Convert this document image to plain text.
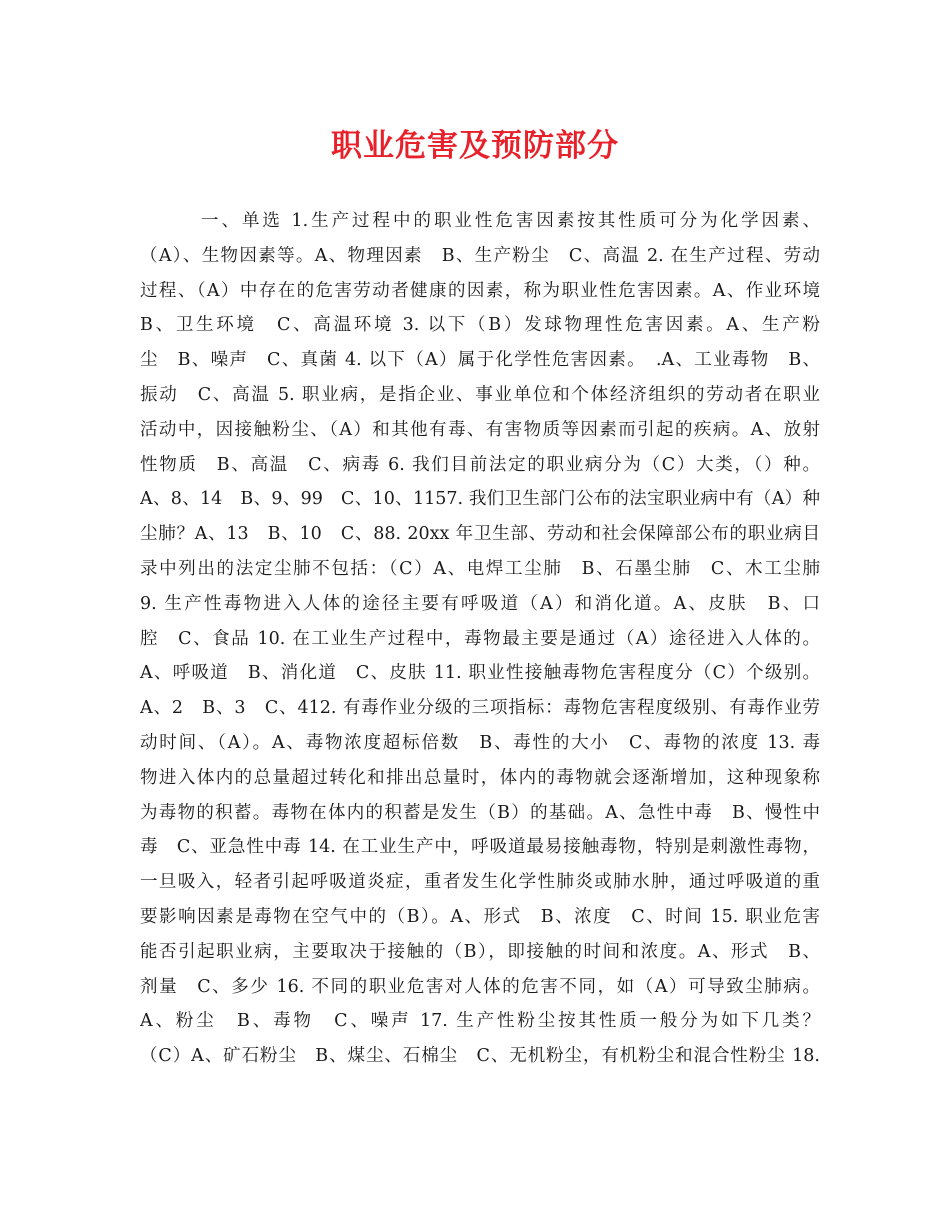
职业危害及预防部分
一、单选 1.生产过程中的职业性危害因素按其性质可分为化学因素、
（A）、生物因素等。A、物理因素　B、生产粉尘　C、高温 2. 在生产过程、劳动
过程、（A）中存在的危害劳动者健康的因素，称为职业性危害因素。A、作业环境
B、卫生环境　C、高温环境 3. 以下（B）发球物理性危害因素。A、生产粉
尘　B、噪声　C、真菌 4. 以下（A）属于化学性危害因素。　.A、工业毒物　B、
振动　C、高温 5. 职业病，是指企业、事业单位和个体经济组织的劳动者在职业
活动中，因接触粉尘、（A）和其他有毒、有害物质等因素而引起的疾病。A、放射
性物质　B、高温　C、病毒 6. 我们目前法定的职业病分为（C）大类，（）种。
A、8、14　B、9、99　C、10、1157. 我们卫生部门公布的法宝职业病中有（A）种
尘肺？A、13　B、10　C、88. 20xx 年卫生部、劳动和社会保障部公布的职业病目
录中列出的法定尘肺不包括：（C）A、电焊工尘肺　B、石墨尘肺　C、木工尘肺
9. 生产性毒物进入人体的途径主要有呼吸道（A）和消化道。A、皮肤　B、口
腔　C、食品 10. 在工业生产过程中，毒物最主要是通过（A）途径进入人体的。
A、呼吸道　B、消化道　C、皮肤 11. 职业性接触毒物危害程度分（C）个级别。
A、2　B、3　C、412. 有毒作业分级的三项指标：毒物危害程度级别、有毒作业劳
动时间、（A）。A、毒物浓度超标倍数　B、毒性的大小　C、毒物的浓度 13. 毒
物进入体内的总量超过转化和排出总量时，体内的毒物就会逐渐增加，这种现象称
为毒物的积蓄。毒物在体内的积蓄是发生（B）的基础。A、急性中毒　B、慢性中
毒　C、亚急性中毒 14. 在工业生产中，呼吸道最易接触毒物，特别是刺激性毒物，
一旦吸入，轻者引起呼吸道炎症，重者发生化学性肺炎或肺水肿，通过呼吸道的重
要影响因素是毒物在空气中的（B）。A、形式　B、浓度　C、时间 15. 职业危害
能否引起职业病，主要取决于接触的（B），即接触的时间和浓度。A、形式　B、
剂量　C、多少 16. 不同的职业危害对人体的危害不同，如（A）可导致尘肺病。
A、粉尘　B、毒物　C、噪声 17. 生产性粉尘按其性质一般分为如下几类？
（C）A、矿石粉尘　B、煤尘、石棉尘　C、无机粉尘，有机粉尘和混合性粉尘 18.
